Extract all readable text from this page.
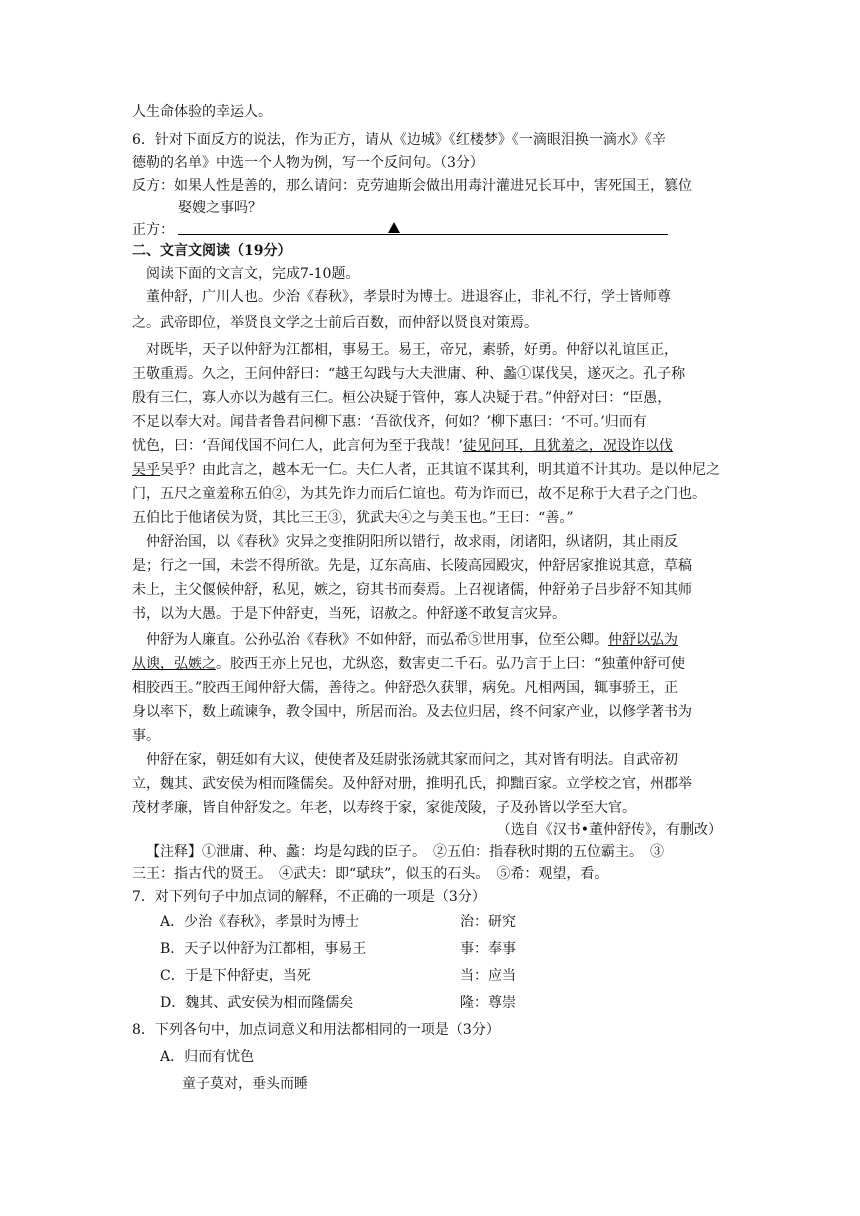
人生命体验的幸运人。
6．针对下面反方的说法，作为正方，请从《边城》《红楼梦》《一滴眼泪换一滴水》《辛
德勒的名单》中选一个人物为例，写一个反问句。（3分）
反方：如果人性是善的，那么请问：克劳迪斯会做出用毒汁灌进兄长耳中，害死国王，篡位
娶嫂之事吗？
正方：
二、文言文阅读（19分）
阅读下面的文言文，完成7-10题。
董仲舒，广川人也。少治《春秋》，孝景时为博士。进退容止，非礼不行，学士皆师尊
之。武帝即位，举贤良文学之士前后百数，而仲舒以贤良对策焉。
对既毕，天子以仲舒为江都相，事易王。易王，帝兄，素骄，好勇。仲舒以礼谊匡正，
王敬重焉。久之，王问仲舒曰：“越王勾践与大夫泄庸、种、蠡①谋伐吴，遂灭之。孔子称
殷有三仁，寡人亦以为越有三仁。桓公决疑于管仲，寡人决疑于君。”仲舒对曰：“臣愚，
不足以奉大对。闻昔者鲁君问柳下惠：‘吾欲伐齐，何如？’柳下惠曰：‘不可。’归而有
忧色，曰：‘吾闻伐国不问仁人，此言何为至于我哉！’徒见问耳，且犹羞之，况设诈以伐
吴乎吴乎？由此言之，越本无一仁。夫仁人者，正其谊不谋其利，明其道不计其功。是以仲尼之
门，五尺之童羞称五伯②，为其先诈力而后仁谊也。苟为诈而已，故不足称于大君子之门也。
五伯比于他诸侯为贤，其比三王③，犹武夫④之与美玉也。”王曰：“善。”
仲舒治国，以《春秋》灾异之变推阴阳所以错行，故求雨，闭诸阳，纵诸阴，其止雨反
是；行之一国，未尝不得所欲。先是，辽东高庙、长陵高园殿灾，仲舒居家推说其意，草稿
未上，主父偃候仲舒，私见，嫉之，窃其书而奏焉。上召视诸儒，仲舒弟子吕步舒不知其师
书，以为大愚。于是下仲舒吏，当死，诏赦之。仲舒遂不敢复言灾异。
仲舒为人廉直。公孙弘治《春秋》不如仲舒，而弘希⑤世用事，位至公卿。仲舒以弘为
从谀，弘嫉之。胶西王亦上兄也，尤纵恣，数害吏二千石。弘乃言于上曰：“独董仲舒可使
相胶西王。”胶西王闻仲舒大儒，善待之。仲舒恐久获罪，病免。凡相两国，辄事骄王，正
身以率下，数上疏谏争，教令国中，所居而治。及去位归居，终不问家产业，以修学著书为
事。
仲舒在家，朝廷如有大议，使使者及廷尉张汤就其家而问之，其对皆有明法。自武帝初
立，魏其、武安侯为相而隆儒矣。及仲舒对册，推明孔氏，抑黜百家。立学校之官，州郡举
茂材孝廉，皆自仲舒发之。年老，以寿终于家，家徙茂陵，子及孙皆以学至大官。
（选自《汉书•董仲舒传》，有删改）
【注释】①泄庸、种、蠡：均是勾践的臣子。　②五伯：指春秋时期的五位霸主。　③
三王：指古代的贤王。　④武夫：即“珷玞”，似玉的石头。　⑤希：观望，看。
7．对下列句子中加点词的解释，不正确的一项是（3分）
A．少治《春秋》，孝景时为博士	治：研究
B．天子以仲舒为江都相，事易王	事：奉事
C．于是下仲舒吏，当死	当：应当
D．魏其、武安侯为相而隆儒矣	隆：尊崇
8．下列各句中，加点词意义和用法都相同的一项是（3分）
A．归而有忧色
童子莫对，垂头而睡
